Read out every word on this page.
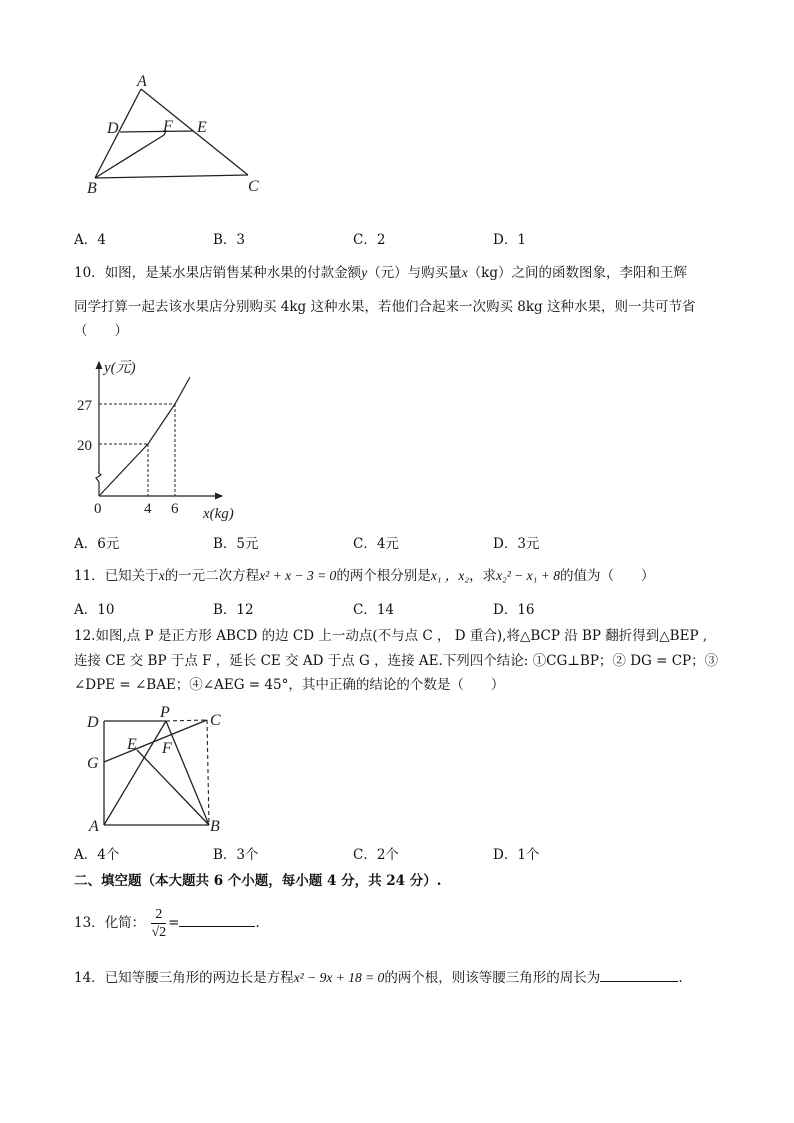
A
D	F E
B	C
A．4	B．3	C．2	D．1
10．如图，是某水果店销售某种水果的付款金额y（元）与购买量x（kg）之间的函数图象，李阳和王辉
同学打算一起去该水果店分别购买 4kg 这种水果，若他们合起来一次购买 8kg 这种水果，则一共可节省
（　　）
y(元)
27
20
0	4 6 x(kg)
A．6元	B．5元	C．4元	D．3元
11．已知关于x的一元二次方程x² + x − 3 = 0的两个根分别是x₁ ，x₂，求x₂² − x₁ + 8的值为（　　）
A．10	B．12	C．14	D．16
12.如图,点 P 是正方形 ABCD 的边 CD 上一动点(不与点 C ， D 重合),将△BCP 沿 BP 翻折得到△BEP ,
连接 CE 交 BP 于点 F ，延长 CE 交 AD 于点 G ，连接 AE.下列四个结论: ①CG⊥BP；② DG = CP；③
∠DPE = ∠BAE；④∠AEG = 45°，其中正确的结论的个数是（　　）
D
P	C
E F
G
A	B
A．4个	B．3个	C．2个	D．1个
二、填空题（本大题共 6 个小题，每小题 4 分，共 24 分）.
13．化简： $\frac{2}{√2}$ =	.
14．已知等腰三角形的两边长是方程x² − 9x + 18 = 0的两个根，则该等腰三角形的周长为	.
